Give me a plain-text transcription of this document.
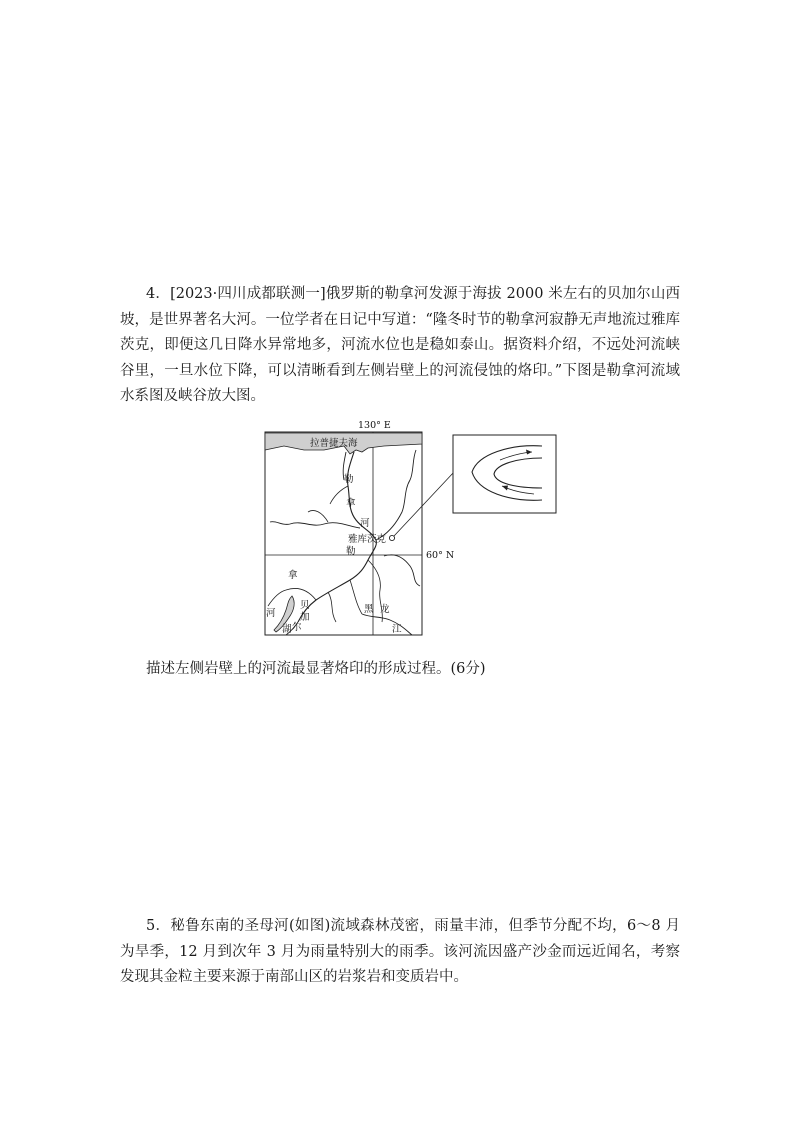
4．[2023·四川成都联测一]俄罗斯的勒拿河发源于海拔 2000 米左右的贝加尔山西坡，是世界著名大河。一位学者在日记中写道：“隆冬时节的勒拿河寂静无声地流过雅库茨克，即便这几日降水异常地多，河流水位也是稳如泰山。据资料介绍，不远处河流峡谷里，一旦水位下降，可以清晰看到左侧岩壁上的河流侵蚀的烙印。”下图是勒拿河流域水系图及峡谷放大图。

130° E
60° N
拉普捷夫海
勒
拿
河
雅库茨克
勒
拿
河
贝
加
尔
湖
黑 龙
江
描述左侧岩壁上的河流最显著烙印的形成过程。(6分)

5．秘鲁东南的圣母河(如图)流域森林茂密，雨量丰沛，但季节分配不均，6～8 月为旱季，12 月到次年 3 月为雨量特别大的雨季。该河流因盛产沙金而远近闻名，考察发现其金粒主要来源于南部山区的岩浆岩和变质岩中。
